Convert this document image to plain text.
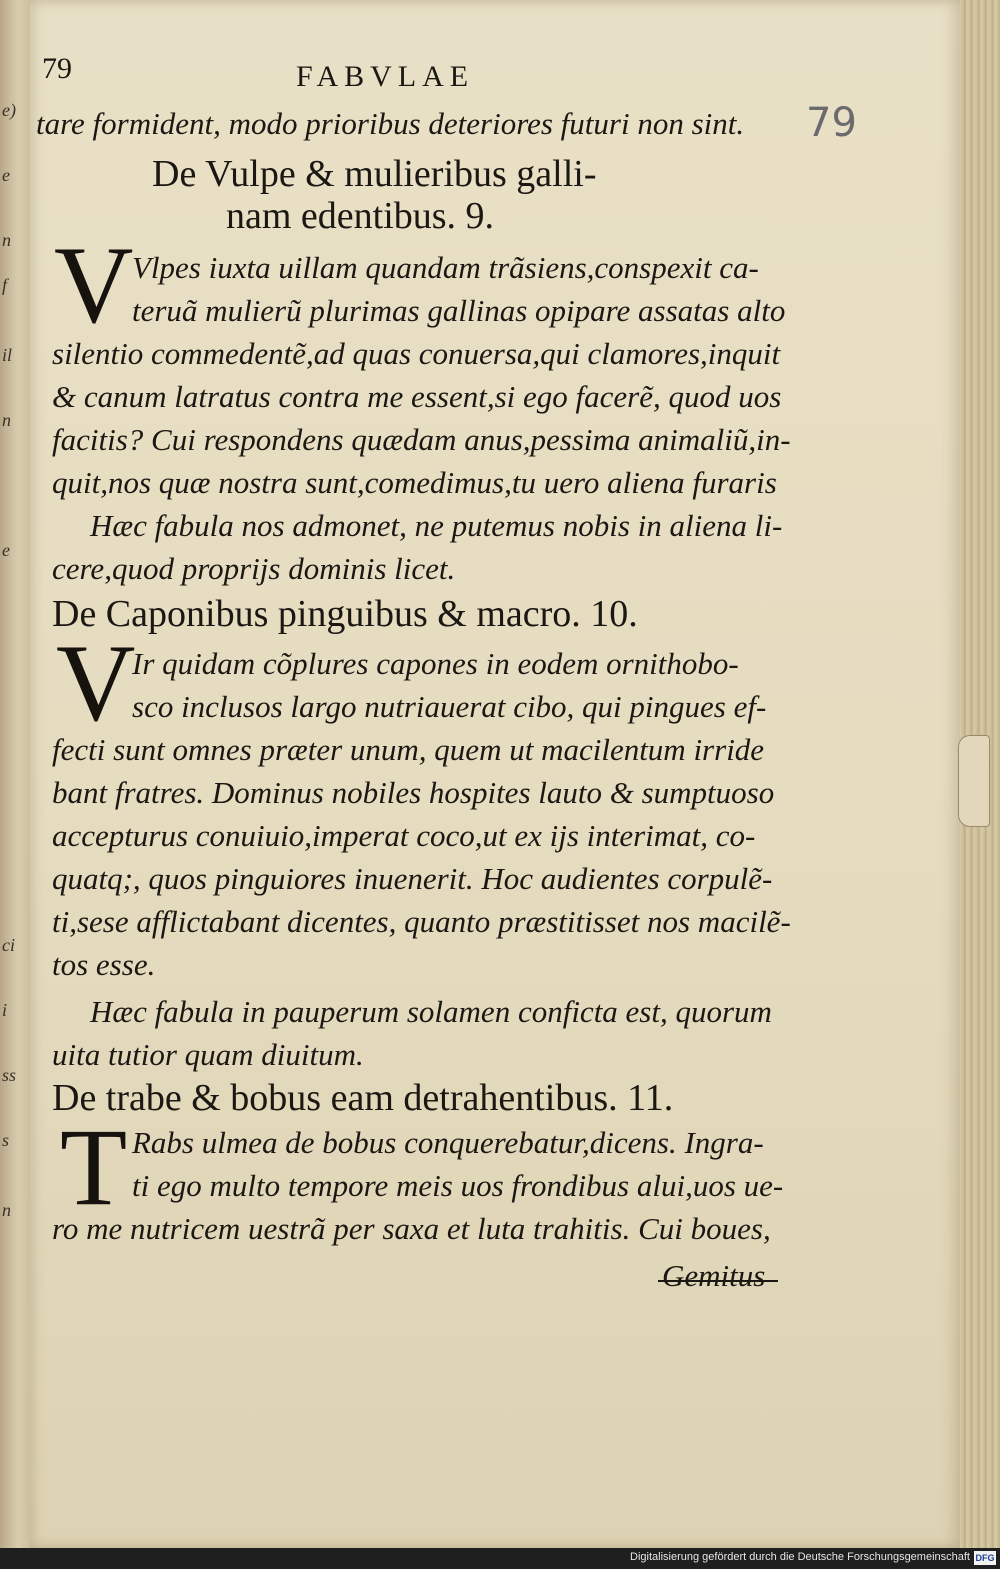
e)
e
n
f
il
n
e
ci
i
ss
s
n
79	FABVLAE
79
tare formident, modo prioribus deteriores futuri non sint.
De Vulpe & mulieribus galli-
nam edentibus. 9.
V
Vlpes iuxta uillam quandam trãsiens,conspexit ca-
teruã mulierũ plurimas gallinas opipare assatas alto
silentio commedentẽ,ad quas conuersa,qui clamores,inquit
& canum latratus contra me essent,si ego facerẽ, quod uos
facitis? Cui respondens quædam anus,pessima animaliũ,in-
quit,nos quæ nostra sunt,comedimus,tu uero aliena furaris
Hæc fabula nos admonet, ne putemus nobis in aliena li-
cere,quod proprijs dominis licet.
De Caponibus pinguibus & macro. 10.
V
Ir quidam cõplures capones in eodem ornithobo-
sco inclusos largo nutriauerat cibo, qui pingues ef-
fecti sunt omnes præter unum, quem ut macilentum irride
bant fratres. Dominus nobiles hospites lauto & sumptuoso
accepturus conuiuio,imperat coco,ut ex ijs interimat, co-
quatq;, quos pinguiores inuenerit. Hoc audientes corpulẽ-
ti,sese afflictabant dicentes, quanto præstitisset nos macilẽ-
tos esse.
Hæc fabula in pauperum solamen conficta est, quorum
uita tutior quam diuitum.
De trabe & bobus eam detrahentibus. 11.
T Rabs ulmea de bobus conquerebatur,dicens. Ingra-
ti ego multo tempore meis uos frondibus alui,uos ue-
ro me nutricem uestrã per saxa et luta trahitis. Cui boues,
Gemitus
Digitalisierung gefördert durch die Deutsche Forschungsgemeinschaft DFG
